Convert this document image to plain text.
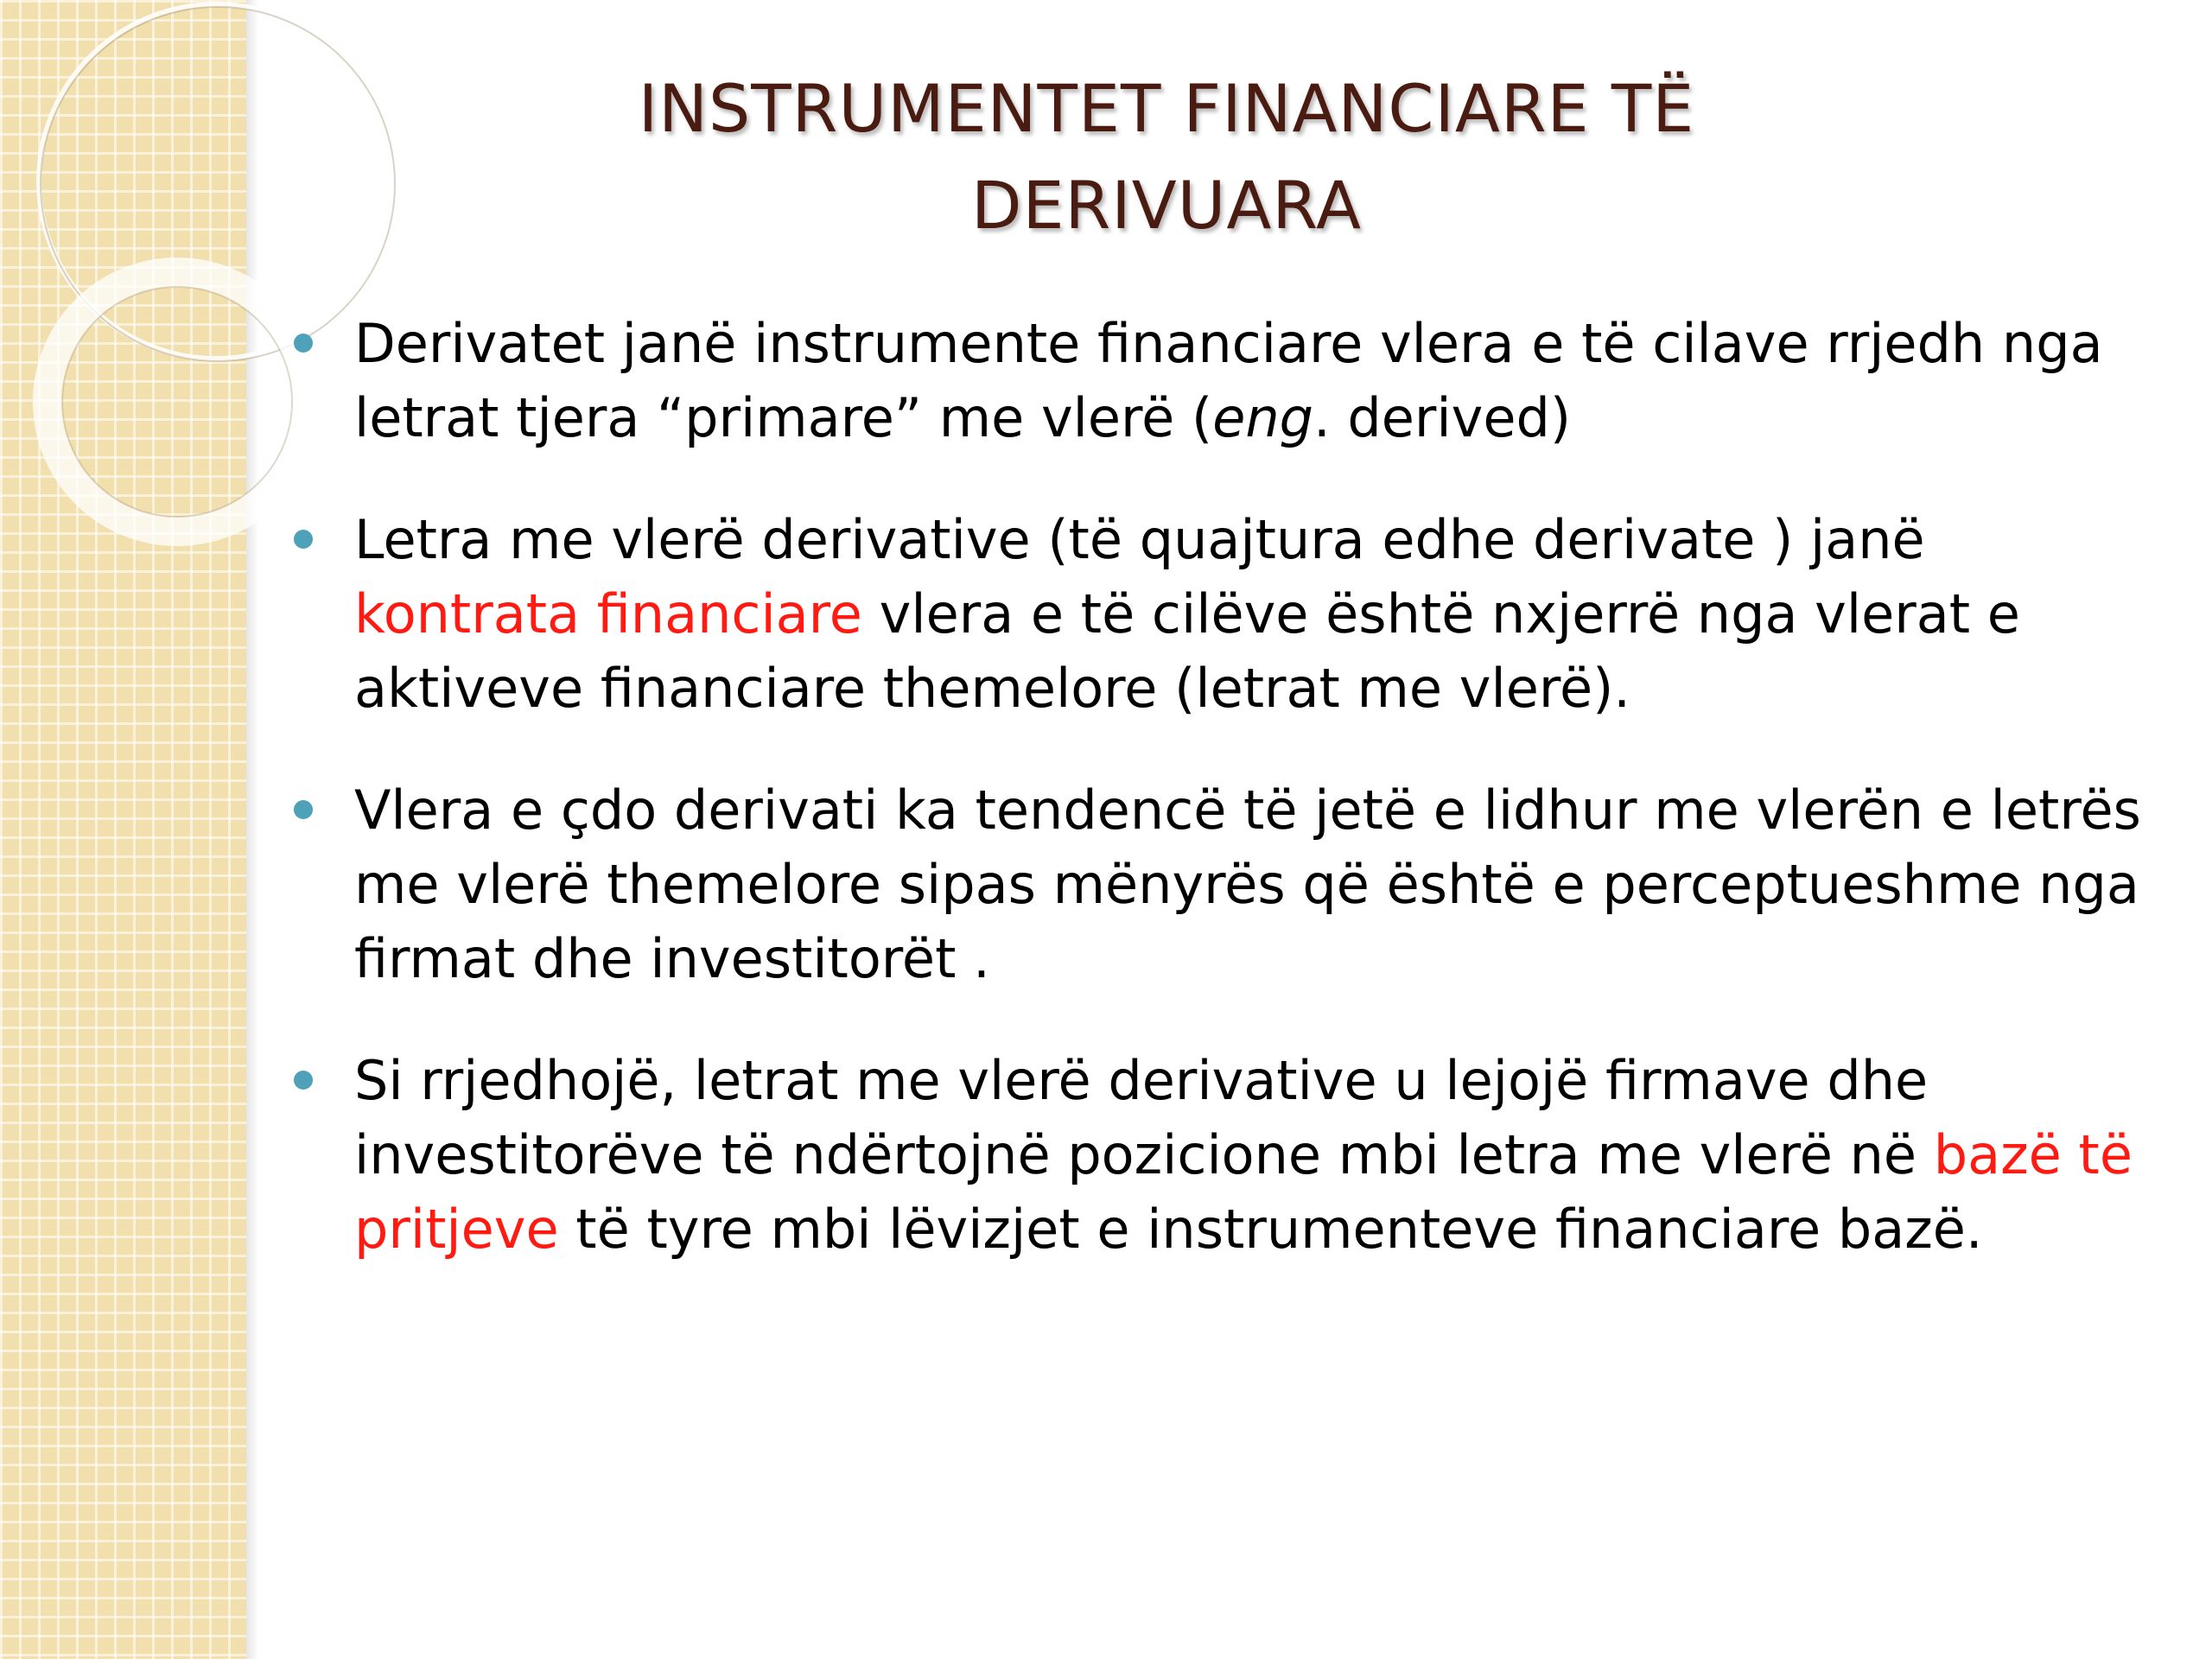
INSTRUMENTET FINANCIARE TË
DERIVUARA
Derivatet janë instrumente financiare vlera e të cilave rrjedh nga letrat tjera “primare” me vlerë (eng. derived)
Letra me vlerë derivative (të quajtura edhe derivate ) janë kontrata financiare vlera e të cilëve është nxjerrë nga vlerat e aktiveve financiare themelore (letrat me vlerë).
Vlera e çdo derivati ka tendencë të jetë e lidhur me vlerën e letrës me vlerë themelore sipas mënyrës që është e perceptueshme nga firmat dhe investitorët .
Si rrjedhojë, letrat me vlerë derivative u lejojë firmave dhe investitorëve të ndërtojnë pozicione mbi letra me vlerë në bazë të pritjeve të tyre mbi lëvizjet e instrumenteve financiare bazë.
